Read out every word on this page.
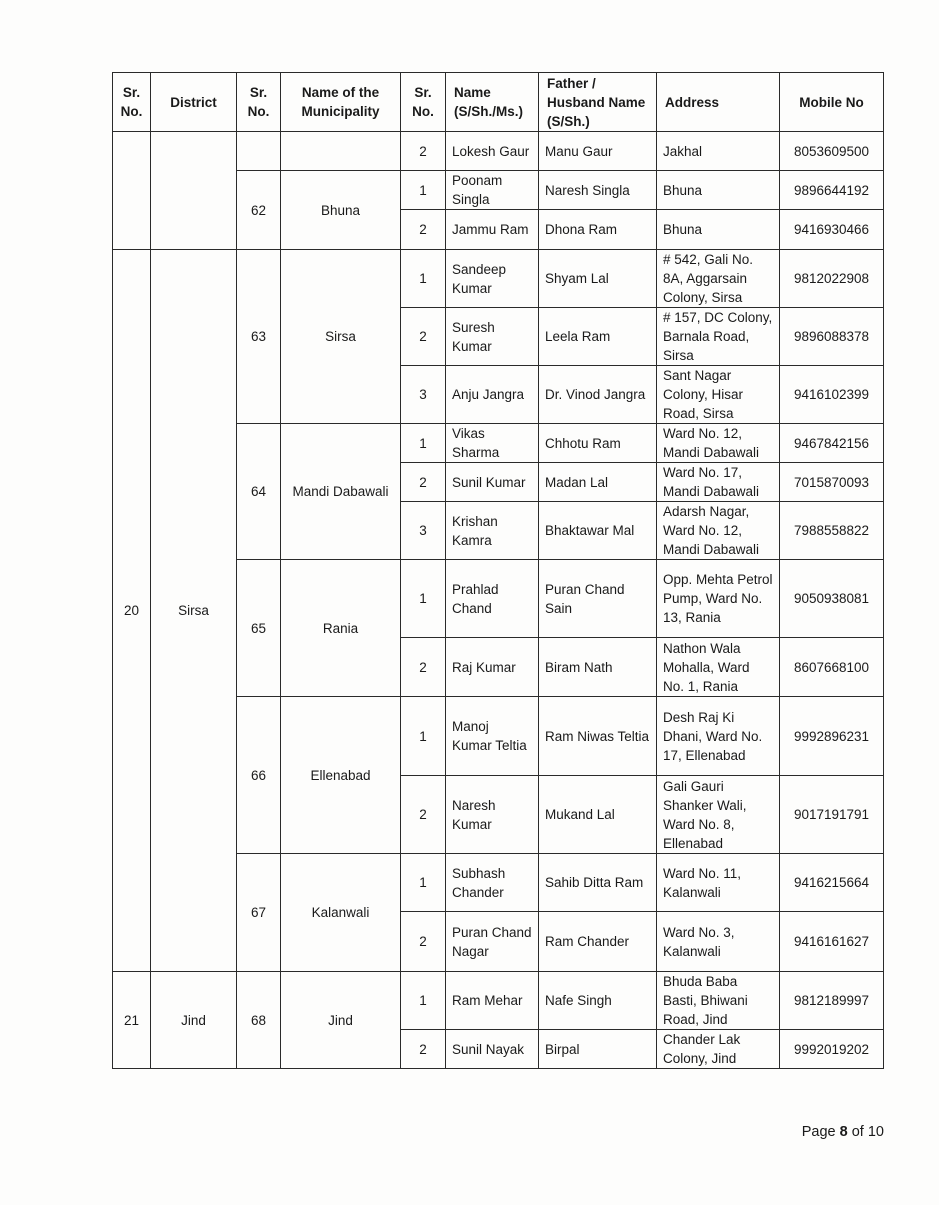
Sr. No.	District	Sr. No.	Name of the Municipality	Sr. No.	Name (S/Sh./Ms.)	Father / Husband Name (S/Sh.)	Address	Mobile No
				2	Lokesh Gaur	Manu Gaur	Jakhal	8053609500
		62	Bhuna	1	Poonam Singla	Naresh Singla	Bhuna	9896644192
				2	Jammu Ram	Dhona Ram	Bhuna	9416930466
20	Sirsa	63	Sirsa	1	Sandeep Kumar	Shyam Lal	# 542, Gali No. 8A, Aggarsain Colony, Sirsa	9812022908
				2	Suresh Kumar	Leela Ram	# 157, DC Colony, Barnala Road, Sirsa	9896088378
				3	Anju Jangra	Dr. Vinod Jangra	Sant Nagar Colony, Hisar Road, Sirsa	9416102399
		64	Mandi Dabawali	1	Vikas Sharma	Chhotu Ram	Ward No. 12, Mandi Dabawali	9467842156
				2	Sunil Kumar	Madan Lal	Ward No. 17, Mandi Dabawali	7015870093
				3	Krishan Kamra	Bhaktawar Mal	Adarsh Nagar, Ward No. 12, Mandi Dabawali	7988558822
		65	Rania	1	Prahlad Chand	Puran Chand Sain	Opp. Mehta Petrol Pump, Ward No. 13, Rania	9050938081
				2	Raj Kumar	Biram Nath	Nathon Wala Mohalla, Ward No. 1, Rania	8607668100
		66	Ellenabad	1	Manoj Kumar Teltia	Ram Niwas Teltia	Desh Raj Ki Dhani, Ward No. 17, Ellenabad	9992896231
				2	Naresh Kumar	Mukand Lal	Gali Gauri Shanker Wali, Ward No. 8, Ellenabad	9017191791
		67	Kalanwali	1	Subhash Chander	Sahib Ditta Ram	Ward No. 11, Kalanwali	9416215664
				2	Puran Chand Nagar	Ram Chander	Ward No. 3, Kalanwali	9416161627
21	Jind	68	Jind	1	Ram Mehar	Nafe Singh	Bhuda Baba Basti, Bhiwani Road, Jind	9812189997
				2	Sunil Nayak	Birpal	Chander Lak Colony, Jind	9992019202
Page 8 of 10
